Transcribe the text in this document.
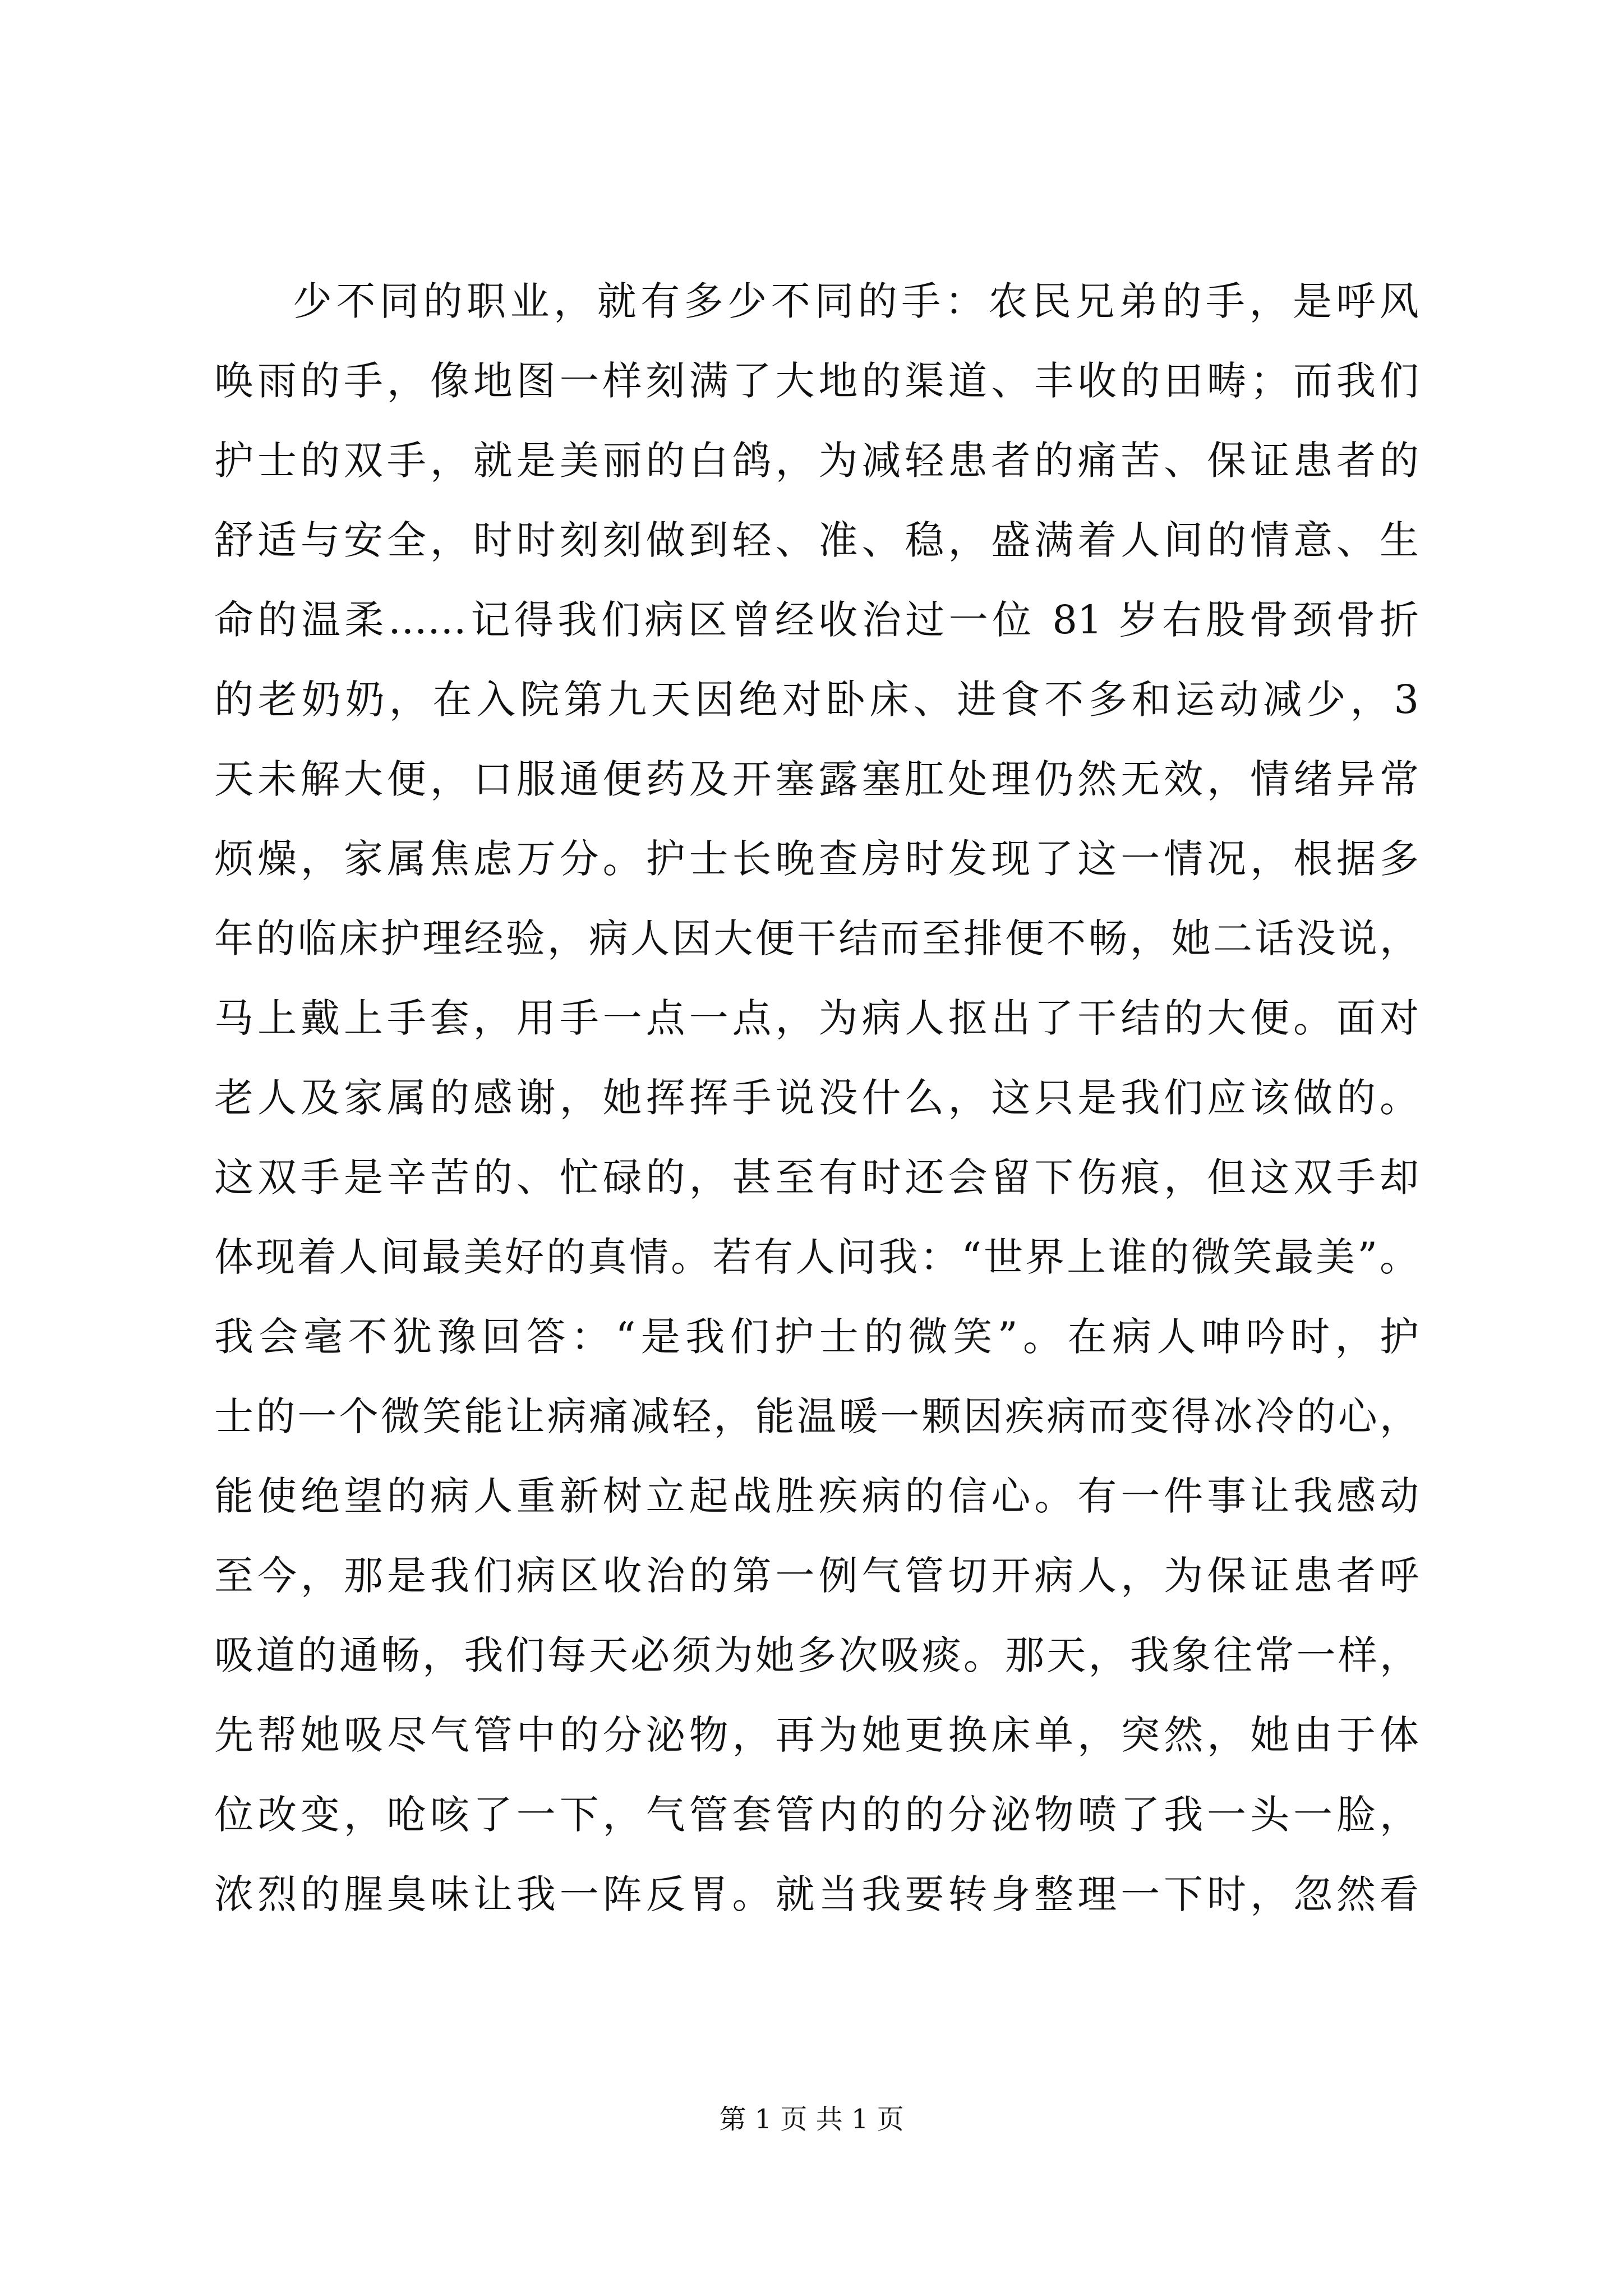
少不同的职业，就有多少不同的手：农民兄弟的手，是呼风
唤雨的手，像地图一样刻满了大地的渠道、丰收的田畴；而我们
护士的双手，就是美丽的白鸽，为减轻患者的痛苦、保证患者的
舒适与安全，时时刻刻做到轻、准、稳，盛满着人间的情意、生
命的温柔……记得我们病区曾经收治过一位 81 岁右股骨颈骨折
的老奶奶，在入院第九天因绝对卧床、进食不多和运动减少，3
天未解大便，口服通便药及开塞露塞肛处理仍然无效，情绪异常
烦燥，家属焦虑万分。护士长晚查房时发现了这一情况，根据多
年的临床护理经验，病人因大便干结而至排便不畅，她二话没说，
马上戴上手套，用手一点一点，为病人抠出了干结的大便。面对
老人及家属的感谢，她挥挥手说没什么，这只是我们应该做的。
这双手是辛苦的、忙碌的，甚至有时还会留下伤痕，但这双手却
体现着人间最美好的真情。若有人问我：“世界上谁的微笑最美”。
我会毫不犹豫回答：“是我们护士的微笑”。在病人呻吟时，护
士的一个微笑能让病痛减轻，能温暖一颗因疾病而变得冰冷的心，
能使绝望的病人重新树立起战胜疾病的信心。有一件事让我感动
至今，那是我们病区收治的第一例气管切开病人，为保证患者呼
吸道的通畅，我们每天必须为她多次吸痰。那天，我象往常一样，
先帮她吸尽气管中的分泌物，再为她更换床单，突然，她由于体
位改变，呛咳了一下，气管套管内的的分泌物喷了我一头一脸，
浓烈的腥臭味让我一阵反胃。就当我要转身整理一下时，忽然看
第 1 页 共 1 页
